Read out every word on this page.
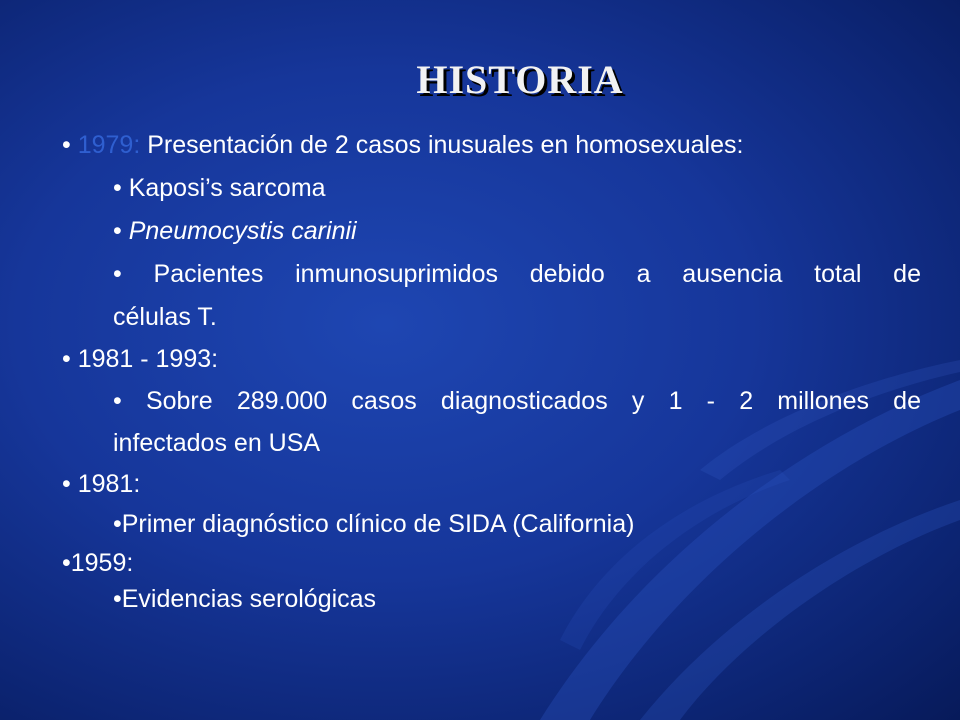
HISTORIA
• 1979: Presentación de 2 casos inusuales en homosexuales:
• Kaposi’s sarcoma
• Pneumocystis carinii
• Pacientes inmunosuprimidos debido a ausencia total de
células T.
• 1981 - 1993:
• Sobre 289.000 casos diagnosticados y 1 - 2 millones de
infectados en USA
• 1981:
•Primer diagnóstico clínico de SIDA (California)
•1959:
•Evidencias serológicas
